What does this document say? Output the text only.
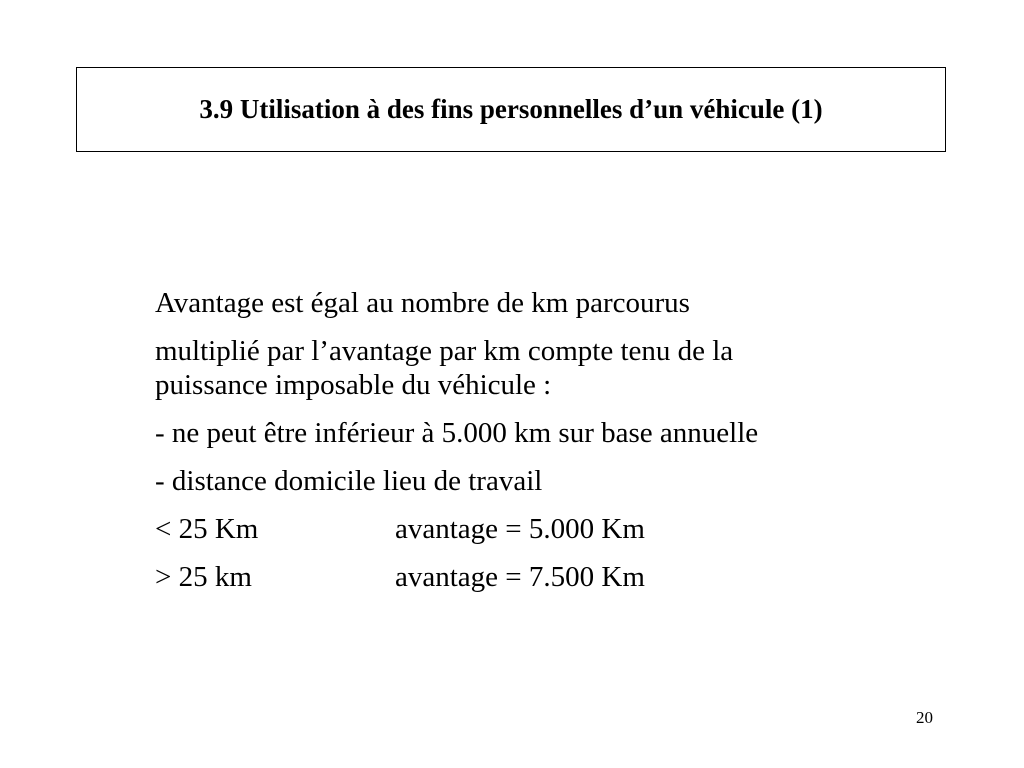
3.9 Utilisation à des fins personnelles d’un véhicule (1)

Avantage est égal au nombre de km parcourus

multiplié par l’avantage par km compte tenu de la

puissance imposable du véhicule :

- ne peut être inférieur à 5.000 km sur base annuelle

- distance domicile lieu de travail

< 25 Km	avantage = 5.000 Km
> 25 km	avantage = 7.500 Km
20
